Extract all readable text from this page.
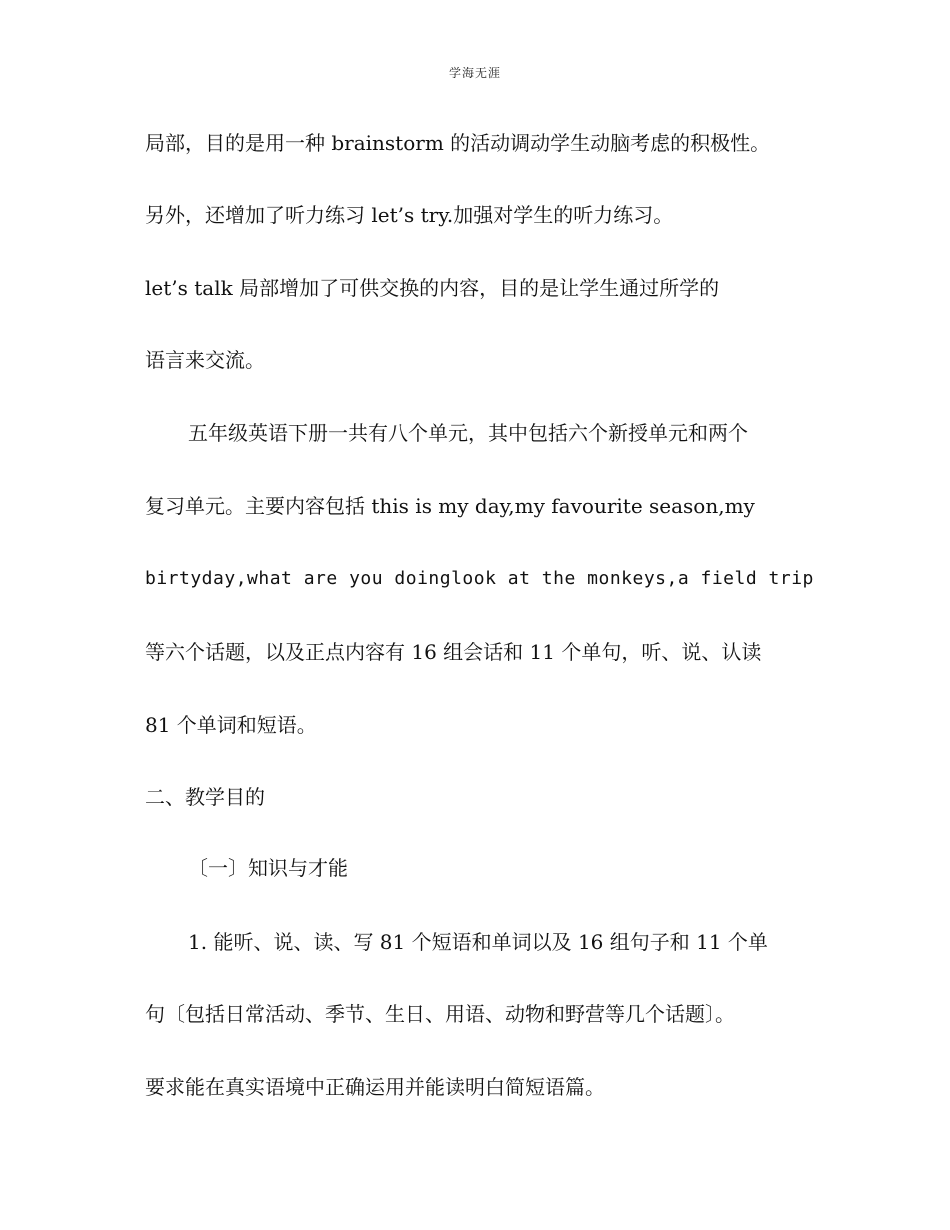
学海无涯
局部，目的是用一种 brainstorm 的活动调动学生动脑考虑的积极性。
另外，还增加了听力练习 let’s try.加强对学生的听力练习。
let’s talk 局部增加了可供交换的内容，目的是让学生通过所学的
语言来交流。
五年级英语下册一共有八个单元，其中包括六个新授单元和两个
复习单元。主要内容包括 this is my day,my favourite season,my
birtyday,what are you doinglook at the monkeys,a field trip
等六个话题，以及正点内容有 16 组会话和 11 个单句，听、说、认读
81 个单词和短语。
二、教学目的
〔一〕知识与才能
1. 能听、说、读、写 81 个短语和单词以及 16 组句子和 11 个单
句〔包括日常活动、季节、生日、用语、动物和野营等几个话题〕。
要求能在真实语境中正确运用并能读明白简短语篇。
